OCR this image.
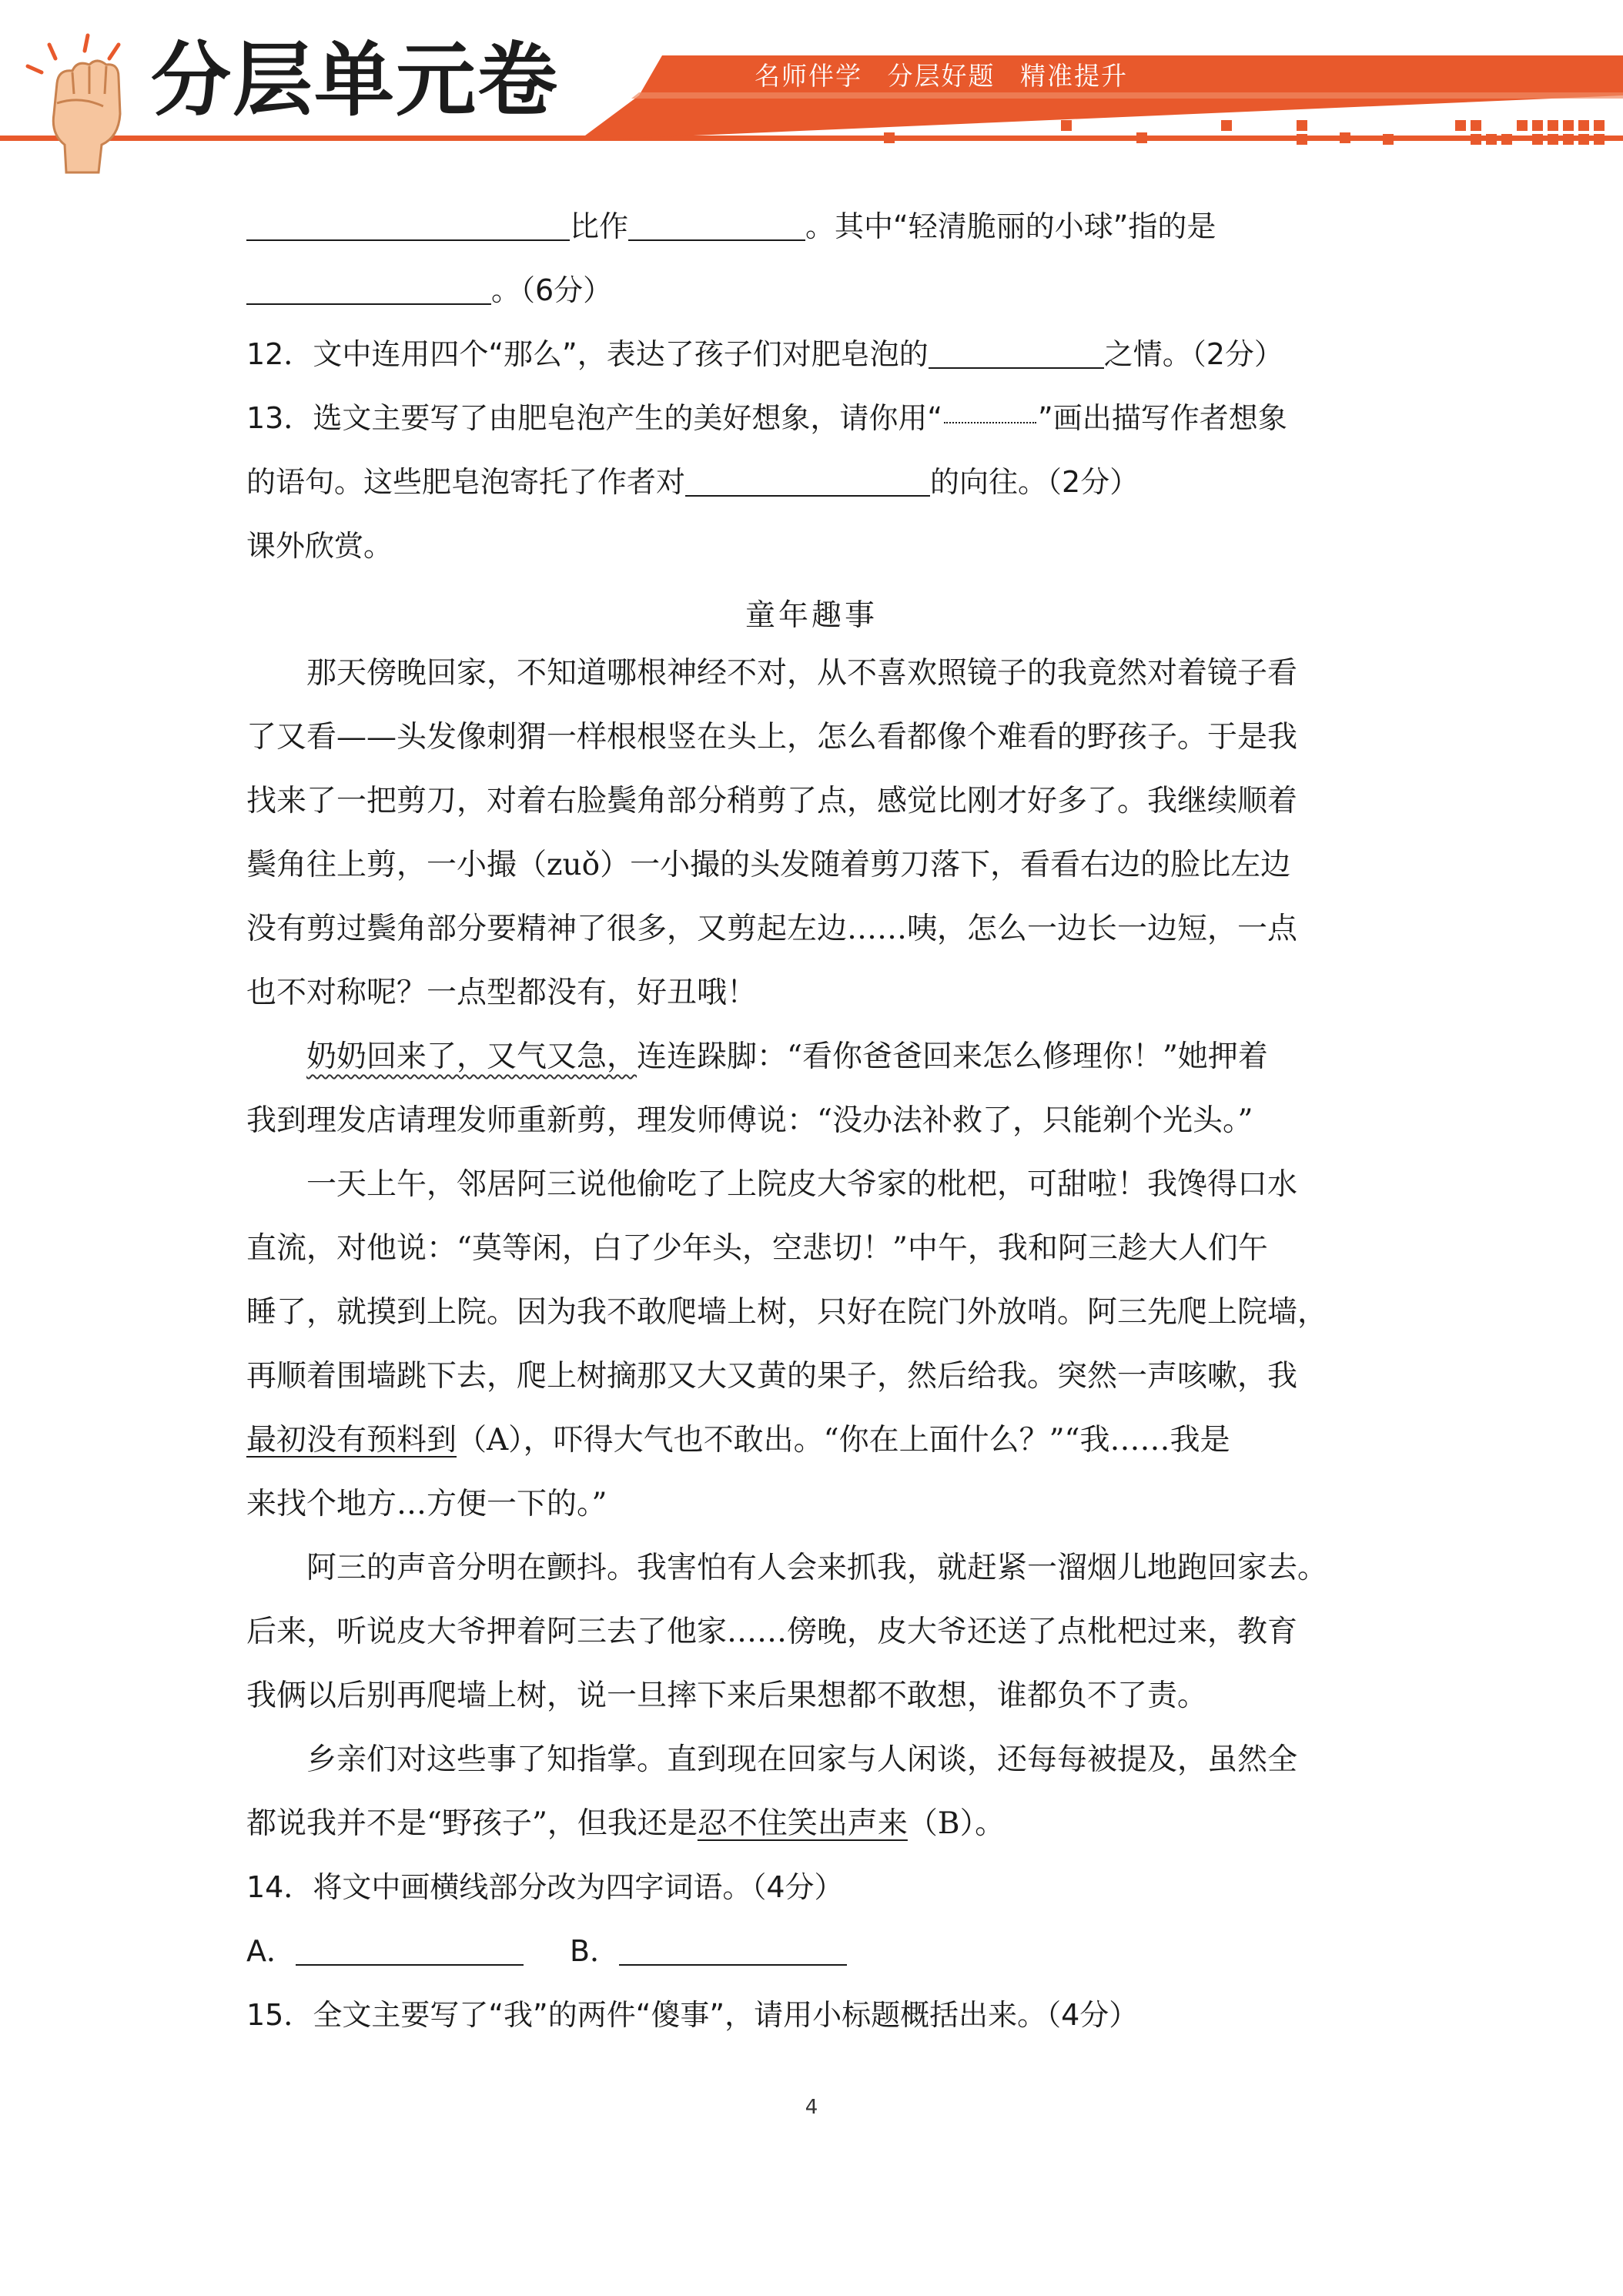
分层单元卷	名师伴学 分层好题 精准提升
比作	。其中“轻清脆丽的小球”指的是
。（6分）
12．文中连用四个“那么”，表达了孩子们对肥皂泡的	之情。（2分）
13．选文主要写了由肥皂泡产生的美好想象，请你用“	”画出描写作者想象
的语句。这些肥皂泡寄托了作者对	的向往。（2分）
课外欣赏。
童年趣事
那天傍晚回家，不知道哪根神经不对，从不喜欢照镜子的我竟然对着镜子看
了又看——头发像刺猬一样根根竖在头上，怎么看都像个难看的野孩子。于是我
找来了一把剪刀，对着右脸鬓角部分稍剪了点，感觉比刚才好多了。我继续顺着
鬓角往上剪，一小撮（zuǒ）一小撮的头发随着剪刀落下，看看右边的脸比左边
没有剪过鬓角部分要精神了很多，又剪起左边……咦，怎么一边长一边短，一点
也不对称呢？一点型都没有，好丑哦！
奶奶回来了，又气又急，连连跺脚：“看你爸爸回来怎么修理你！”她押着
我到理发店请理发师重新剪，理发师傅说：“没办法补救了，只能剃个光头。”
一天上午，邻居阿三说他偷吃了上院皮大爷家的枇杷，可甜啦！我馋得口水
直流，对他说：“莫等闲，白了少年头，空悲切！”中午，我和阿三趁大人们午
睡了，就摸到上院。因为我不敢爬墙上树，只好在院门外放哨。阿三先爬上院墙，
再顺着围墙跳下去，爬上树摘那又大又黄的果子，然后给我。突然一声咳嗽，我
最初没有预料到（A），吓得大气也不敢出。“你在上面什么？”“我……我是
来找个地方…方便一下的。”
阿三的声音分明在颤抖。我害怕有人会来抓我，就赶紧一溜烟儿地跑回家去。
后来，听说皮大爷押着阿三去了他家……傍晚，皮大爷还送了点枇杷过来，教育
我俩以后别再爬墙上树，说一旦摔下来后果想都不敢想，谁都负不了责。
乡亲们对这些事了知指掌。直到现在回家与人闲谈，还每每被提及，虽然全
都说我并不是“野孩子”，但我还是忍不住笑出声来（B）。
14．将文中画横线部分改为四字词语。（4分）
A．	B．
15．全文主要写了“我”的两件“傻事”，请用小标题概括出来。（4分）
4
